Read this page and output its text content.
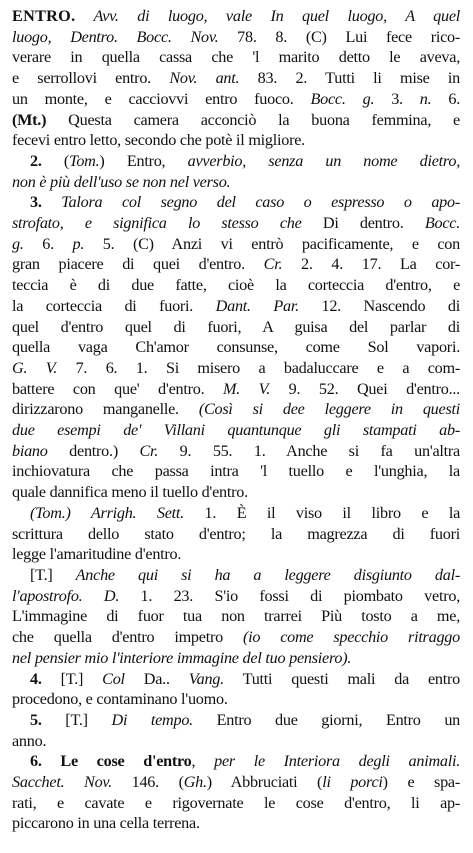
ENTRO. Avv. di luogo, vale In quel luogo, A quel
luogo, Dentro. Bocc. Nov. 78. 8. (C) Lui fece rico-
verare in quella cassa che 'l marito detto le aveva,
e serrollovi entro. Nov. ant. 83. 2. Tutti li mise in
un monte, e cacciovvi entro fuoco. Bocc. g. 3. n. 6.
(Mt.) Questa camera acconciò la buona femmina, e
fecevi entro letto, secondo che potè il migliore.
2. (Tom.) Entro, avverbio, senza un nome dietro,
non è più dell'uso se non nel verso.
3. Talora col segno del caso o espresso o apo-
strofato, e significa lo stesso che Di dentro. Bocc.
g. 6. p. 5. (C) Anzi vi entrò pacificamente, e con
gran piacere di quei d'entro. Cr. 2. 4. 17. La cor-
teccia è di due fatte, cioè la corteccia d'entro, e
la corteccia di fuori. Dant. Par. 12. Nascendo di
quel d'entro quel di fuori, A guisa del parlar di
quella vaga Ch'amor consunse, come Sol vapori.
G. V. 7. 6. 1. Si misero a badaluccare e a com-
battere con que' d'entro. M. V. 9. 52. Quei d'entro...
dirizzarono manganelle. (Così si dee leggere in questi
due esempi de' Villani quantunque gli stampati ab-
biano dentro.) Cr. 9. 55. 1. Anche si fa un'altra
inchiovatura che passa intra 'l tuello e l'unghia, la
quale dannifica meno il tuello d'entro.
(Tom.) Arrigh. Sett. 1. È il viso il libro e la
scrittura dello stato d'entro; la magrezza di fuori
legge l'amaritudine d'entro.
[T.] Anche qui si ha a leggere disgiunto dal-
l'apostrofo. D. 1. 23. S'io fossi di piombato vetro,
L'immagine di fuor tua non trarrei Più tosto a me,
che quella d'entro impetro (io come specchio ritraggo
nel pensier mio l'interiore immagine del tuo pensiero).
4. [T.] Col Da.. Vang. Tutti questi mali da entro
procedono, e contaminano l'uomo.
5. [T.] Di tempo. Entro due giorni, Entro un
anno.
6. Le cose d'entro, per le Interiora degli animali.
Sacchet. Nov. 146. (Gh.) Abbruciati (li porci) e spa-
rati, e cavate e rigovernate le cose d'entro, li ap-
piccarono in una cella terrena.
